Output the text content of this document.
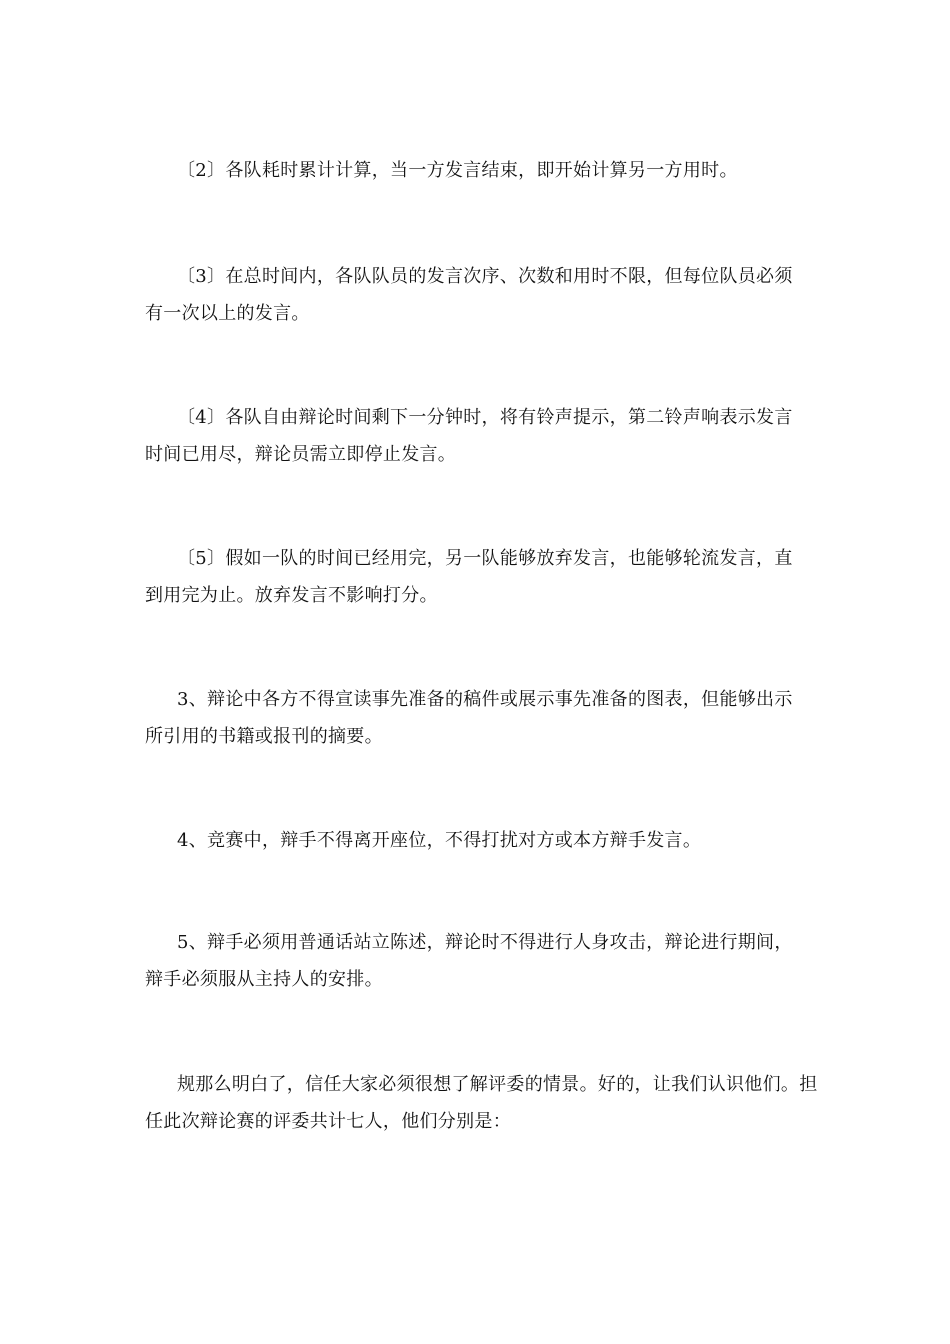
〔2〕各队耗时累计计算，当一方发言结束，即开始计算另一方用时。

〔3〕在总时间内，各队队员的发言次序、次数和用时不限，但每位队员必须有一次以上的发言。

〔4〕各队自由辩论时间剩下一分钟时，将有铃声提示，第二铃声响表示发言时间已用尽，辩论员需立即停止发言。

〔5〕假如一队的时间已经用完，另一队能够放弃发言，也能够轮流发言，直到用完为止。放弃发言不影响打分。

3、辩论中各方不得宣读事先准备的稿件或展示事先准备的图表，但能够出示所引用的书籍或报刊的摘要。

4、竞赛中，辩手不得离开座位，不得打扰对方或本方辩手发言。

5、辩手必须用普通话站立陈述，辩论时不得进行人身攻击，辩论进行期间，辩手必须服从主持人的安排。

规那么明白了，信任大家必须很想了解评委的情景。好的，让我们认识他们。担任此次辩论赛的评委共计七人，他们分别是：
